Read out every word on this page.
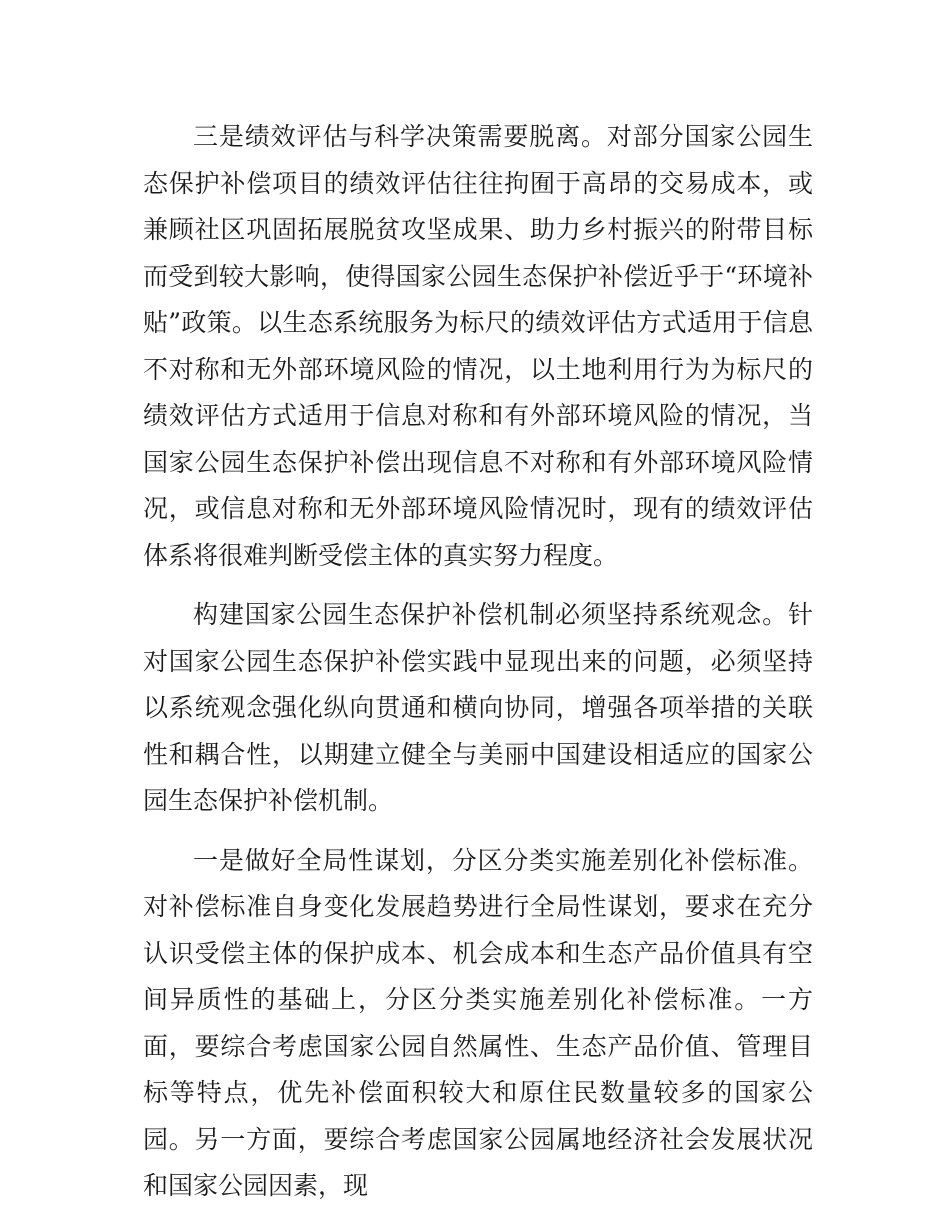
三是绩效评估与科学决策需要脱离。对部分国家公园生态保护补偿项目的绩效评估往往拘囿于高昂的交易成本，或兼顾社区巩固拓展脱贫攻坚成果、助力乡村振兴的附带目标而受到较大影响，使得国家公园生态保护补偿近乎于“环境补贴”政策。以生态系统服务为标尺的绩效评估方式适用于信息不对称和无外部环境风险的情况，以土地利用行为为标尺的绩效评估方式适用于信息对称和有外部环境风险的情况，当国家公园生态保护补偿出现信息不对称和有外部环境风险情况，或信息对称和无外部环境风险情况时，现有的绩效评估体系将很难判断受偿主体的真实努力程度。

构建国家公园生态保护补偿机制必须坚持系统观念。针对国家公园生态保护补偿实践中显现出来的问题，必须坚持以系统观念强化纵向贯通和横向协同，增强各项举措的关联性和耦合性，以期建立健全与美丽中国建设相适应的国家公园生态保护补偿机制。

一是做好全局性谋划，分区分类实施差别化补偿标准。对补偿标准自身变化发展趋势进行全局性谋划，要求在充分认识受偿主体的保护成本、机会成本和生态产品价值具有空间异质性的基础上，分区分类实施差别化补偿标准。一方面，要综合考虑国家公园自然属性、生态产品价值、管理目标等特点，优先补偿面积较大和原住民数量较多的国家公园。另一方面，要综合考虑国家公园属地经济社会发展状况和国家公园因素，现
